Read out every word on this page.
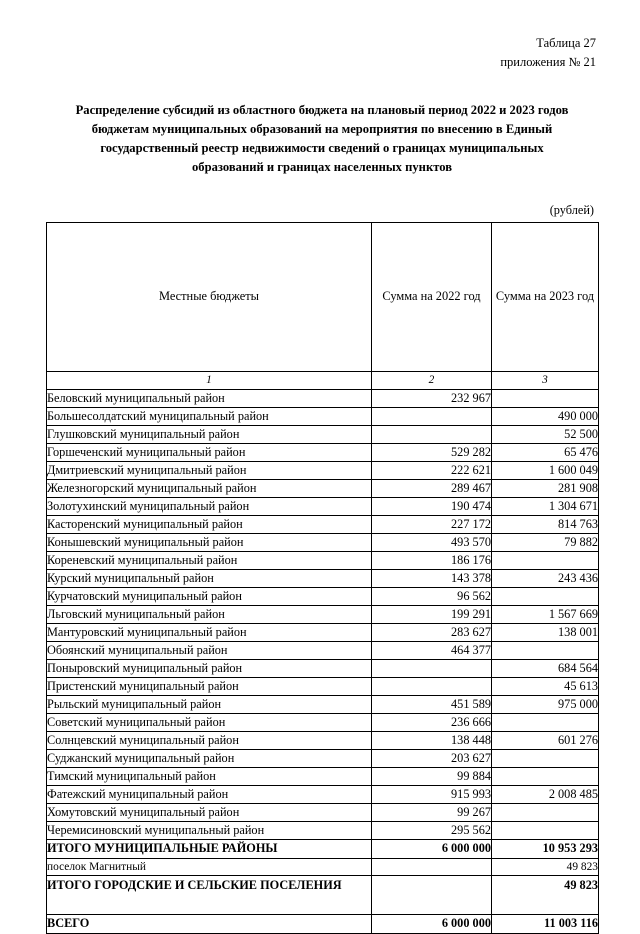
Таблица 27
приложения № 21
Распределение субсидий из областного бюджета на плановый период 2022 и 2023 годов бюджетам муниципальных образований на мероприятия по внесению в Единый государственный реестр недвижимости сведений о границах муниципальных образований и границах населенных пунктов
(рублей)
Местные бюджеты	Сумма на 2022 год	Сумма на 2023 год
1	2	3
Беловский муниципальный район	232 967	
Большесолдатский муниципальный район		490 000
Глушковский муниципальный район		52 500
Горшеченский муниципальный район	529 282	65 476
Дмитриевский муниципальный район	222 621	1 600 049
Железногорский муниципальный район	289 467	281 908
Золотухинский муниципальный район	190 474	1 304 671
Касторенский муниципальный район	227 172	814 763
Конышевский муниципальный район	493 570	79 882
Кореневский муниципальный район	186 176	
Курский муниципальный район	143 378	243 436
Курчатовский муниципальный район	96 562	
Льговский муниципальный район	199 291	1 567 669
Мантуровский муниципальный район	283 627	138 001
Обоянский муниципальный район	464 377	
Поныровский муниципальный район		684 564
Пристенский муниципальный район		45 613
Рыльский муниципальный район	451 589	975 000
Советский муниципальный район	236 666	
Солнцевский муниципальный район	138 448	601 276
Суджанский муниципальный район	203 627	
Тимский муниципальный район	99 884	
Фатежский муниципальный район	915 993	2 008 485
Хомутовский муниципальный район	99 267	
Черемисиновский муниципальный район	295 562	
ИТОГО МУНИЦИПАЛЬНЫЕ РАЙОНЫ	6 000 000	10 953 293
поселок Магнитный		49 823
ИТОГО ГОРОДСКИЕ И СЕЛЬСКИЕ ПОСЕЛЕНИЯ		49 823
ВСЕГО	6 000 000	11 003 116
